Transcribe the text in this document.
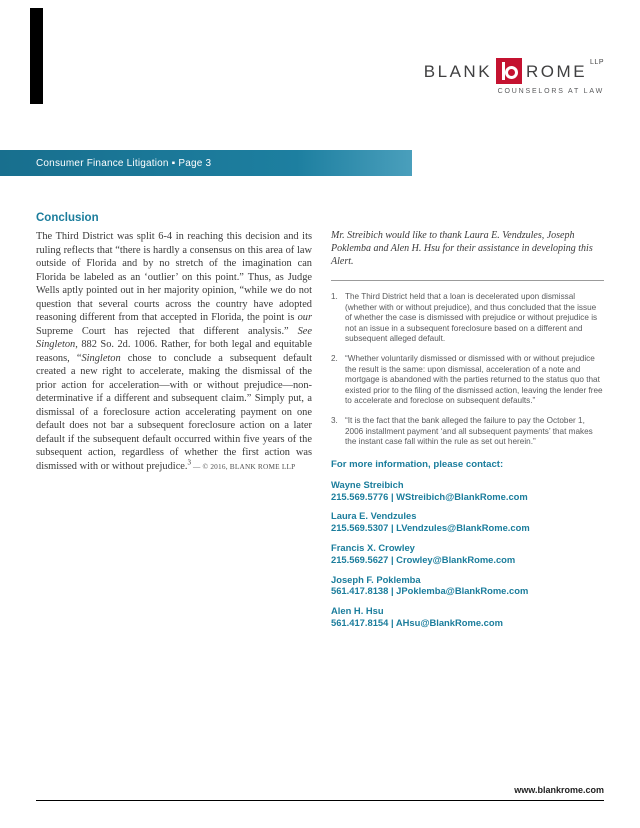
BLANK ROME LLP
COUNSELORS AT LAW
Consumer Finance Litigation ▪ Page 3
Conclusion

The Third District was split 6-4 in reaching this decision and its ruling reflects that “there is hardly a consensus on this area of law outside of Florida and by no stretch of the imagination can Florida be labeled as an ‘outlier’ on this point.” Thus, as Judge Wells aptly pointed out in her majority opinion, “while we do not question that several courts across the country have adopted reasoning different from that accepted in Florida, the point is our Supreme Court has rejected that different analysis.” See Singleton, 882 So. 2d. 1006. Rather, for both legal and equitable reasons, “Singleton chose to conclude a subsequent default created a new right to accelerate, making the dismissal of the prior action for acceleration—with or without prejudice—non-determinative if a different and subsequent claim.” Simply put, a dismissal of a foreclosure action accelerating payment on one default does not bar a subsequent foreclosure action on a later default if the subsequent default occurred within five years of the subsequent action, regardless of whether the first action was dismissed with or without prejudice.$^3$ — © 2016, BLANK ROME LLP

Mr. Streibich would like to thank Laura E. Vendzules, Joseph Poklemba and Alen H. Hsu for their assistance in developing this Alert.

1. The Third District held that a loan is decelerated upon dismissal (whether with or without prejudice), and thus concluded that the issue of whether the case is dismissed with prejudice or without prejudice is not an issue in a subsequent foreclosure based on a different and subsequent alleged default.
2. “Whether voluntarily dismissed or dismissed with or without prejudice the result is the same: upon dismissal, acceleration of a note and mortgage is abandoned with the parties returned to the status quo that existed prior to the filing of the dismissed action, leaving the lender free to accelerate and foreclose on subsequent defaults.”
3. “It is the fact that the bank alleged the failure to pay the October 1, 2006 installment payment ‘and all subsequent payments’ that makes the instant case fall within the rule as set out herein.”
For more information, please contact:
Wayne Streibich
215.569.5776 | WStreibich@BlankRome.com
Laura E. Vendzules
215.569.5307 | LVendzules@BlankRome.com
Francis X. Crowley
215.569.5627 | Crowley@BlankRome.com
Joseph F. Poklemba
561.417.8138 | JPoklemba@BlankRome.com
Alen H. Hsu
561.417.8154 | AHsu@BlankRome.com
www.blankrome.com
